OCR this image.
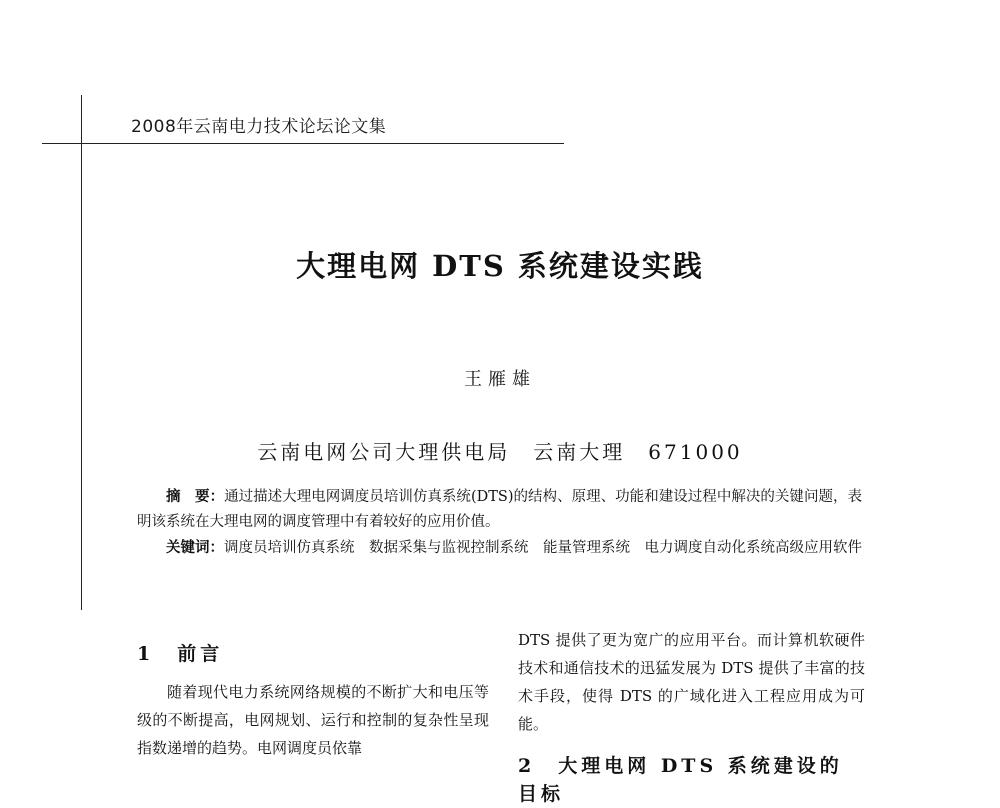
2008年云南电力技术论坛论文集
大理电网 DTS 系统建设实践
王雁雄
云南电网公司大理供电局　云南大理　671000

摘　要：通过描述大理电网调度员培训仿真系统(DTS)的结构、原理、功能和建设过程中解决的关键问题，表明该系统在大理电网的调度管理中有着较好的应用价值。

关键词：调度员培训仿真系统　数据采集与监视控制系统　能量管理系统　电力调度自动化系统高级应用软件

1　前言

随着现代电力系统网络规模的不断扩大和电压等级的不断提高，电网规划、运行和控制的复杂性呈现指数递增的趋势。电网调度员依靠

DTS 提供了更为宽广的应用平台。而计算机软硬件技术和通信技术的迅猛发展为 DTS 提供了丰富的技术手段，使得 DTS 的广域化进入工程应用成为可能。

2　大理电网 DTS 系统建设的目标
